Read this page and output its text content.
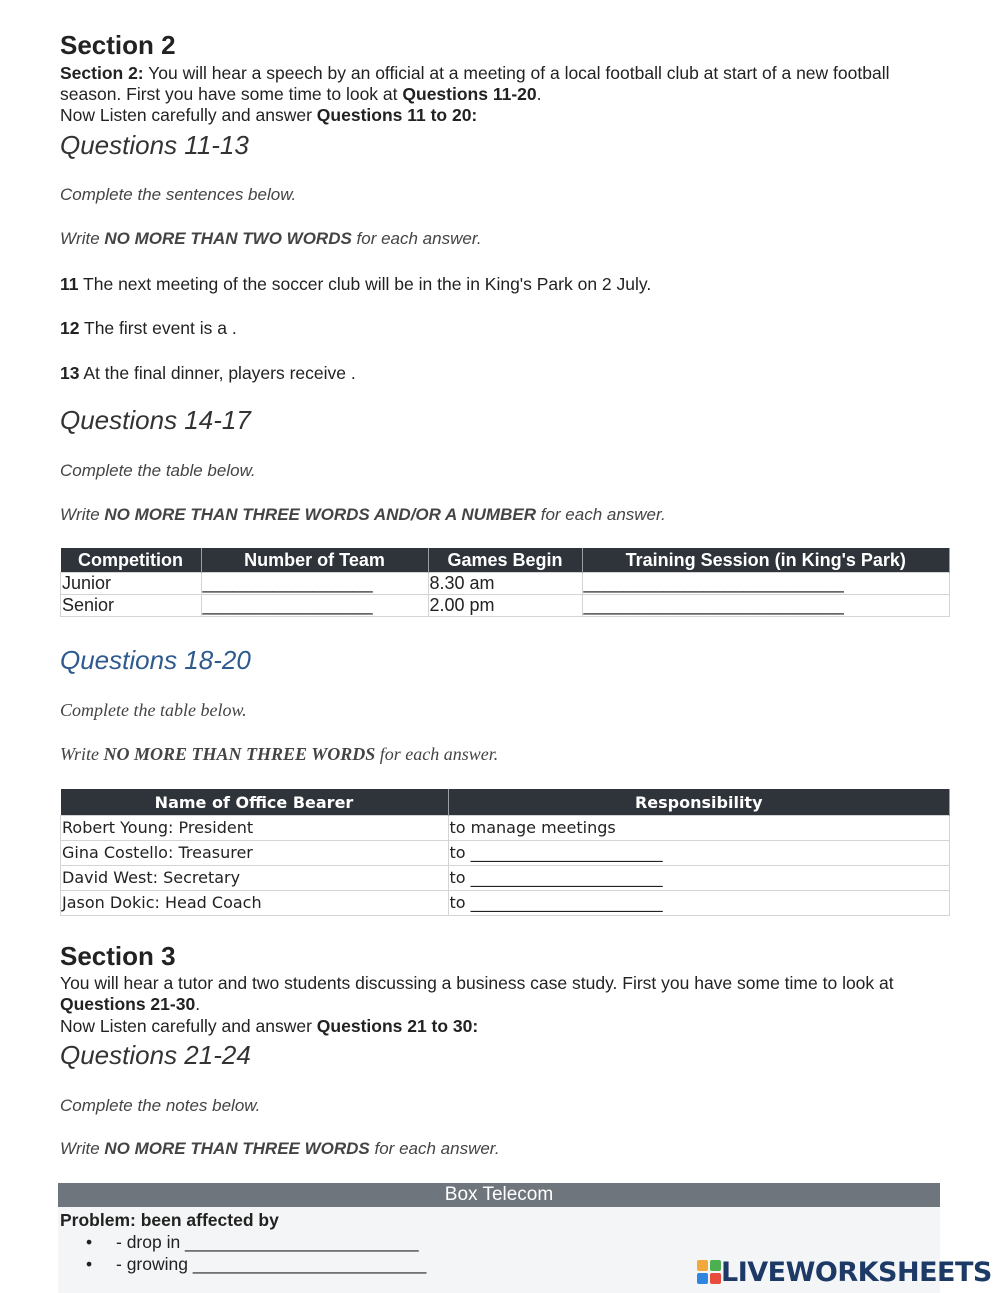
Section 2

Section 2: You will hear a speech by an official at a meeting of a local football club at start of a new football season. First you have some time to look at Questions 11-20.

Now Listen carefully and answer Questions 11 to 20:

Questions 11-13

Complete the sentences below.

Write NO MORE THAN TWO WORDS for each answer.

11 The next meeting of the soccer club will be in the in King's Park on 2 July.

12 The first event is a .

13 At the final dinner, players receive .

Questions 14-17

Complete the table below.

Write NO MORE THAN THREE WORDS AND/OR A NUMBER for each answer.

Competition	Number of Team	Games Begin	Training Session (in King's Park)
Junior	_________________	8.30 am	__________________________
Senior	_________________	2.00 pm	__________________________
Questions 18-20

Complete the table below.

Write NO MORE THAN THREE WORDS for each answer.

Name of Office Bearer	Responsibility
Robert Young: President	to manage meetings
Gina Costello: Treasurer	to ________________________
David West: Secretary	to ________________________
Jason Dokic: Head Coach	to ________________________
Section 3

You will hear a tutor and two students discussing a business case study. First you have some time to look at Questions 21-30.

Now Listen carefully and answer Questions 21 to 30:

Questions 21-24

Complete the notes below.

Write NO MORE THAN THREE WORDS for each answer.

Box Telecom
Problem: been affected by
• - drop in ________________________
• - growing ________________________	LIVEWORKSHEETS
